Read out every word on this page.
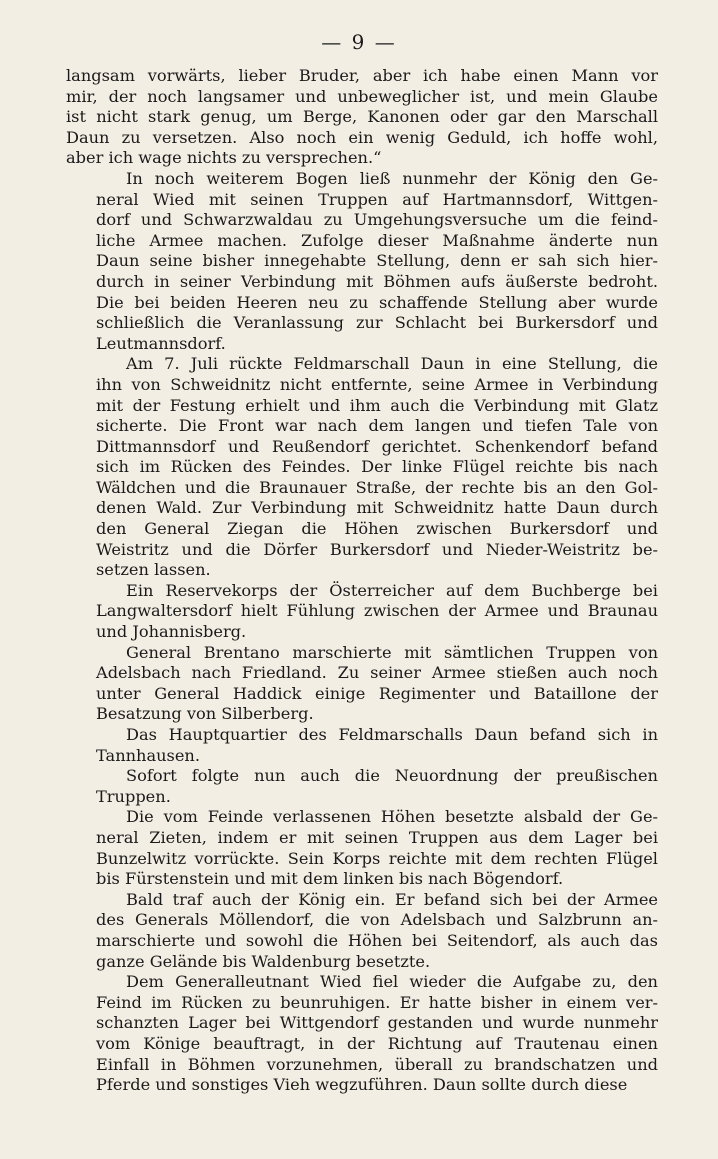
— 9 —
langsam vorwärts, lieber Bruder, aber ich habe einen Mann vor
mir, der noch langsamer und unbeweglicher ist, und mein Glaube
ist nicht stark genug, um Berge, Kanonen oder gar den Marschall
Daun zu versetzen. Also noch ein wenig Geduld, ich hoffe wohl,
aber ich wage nichts zu versprechen.“
In noch weiterem Bogen ließ nunmehr der König den Ge-
neral Wied mit seinen Truppen auf Hartmannsdorf, Wittgen-
dorf und Schwarzwaldau zu Umgehungsversuche um die feind-
liche Armee machen. Zufolge dieser Maßnahme änderte nun
Daun seine bisher innegehabte Stellung, denn er sah sich hier-
durch in seiner Verbindung mit Böhmen aufs äußerste bedroht.
Die bei beiden Heeren neu zu schaffende Stellung aber wurde
schließlich die Veranlassung zur Schlacht bei Burkersdorf und
Leutmannsdorf.
Am 7. Juli rückte Feldmarschall Daun in eine Stellung, die
ihn von Schweidnitz nicht entfernte, seine Armee in Verbindung
mit der Festung erhielt und ihm auch die Verbindung mit Glatz
sicherte. Die Front war nach dem langen und tiefen Tale von
Dittmannsdorf und Reußendorf gerichtet. Schenkendorf befand
sich im Rücken des Feindes. Der linke Flügel reichte bis nach
Wäldchen und die Braunauer Straße, der rechte bis an den Gol-
denen Wald. Zur Verbindung mit Schweidnitz hatte Daun durch
den General Ziegan die Höhen zwischen Burkersdorf und
Weistritz und die Dörfer Burkersdorf und Nieder-Weistritz be-
setzen lassen.
Ein Reservekorps der Österreicher auf dem Buchberge bei
Langwaltersdorf hielt Fühlung zwischen der Armee und Braunau
und Johannisberg.
General Brentano marschierte mit sämtlichen Truppen von
Adelsbach nach Friedland. Zu seiner Armee stießen auch noch
unter General Haddick einige Regimenter und Bataillone der
Besatzung von Silberberg.
Das Hauptquartier des Feldmarschalls Daun befand sich in
Tannhausen.
Sofort folgte nun auch die Neuordnung der preußischen
Truppen.
Die vom Feinde verlassenen Höhen besetzte alsbald der Ge-
neral Zieten, indem er mit seinen Truppen aus dem Lager bei
Bunzelwitz vorrückte. Sein Korps reichte mit dem rechten Flügel
bis Fürstenstein und mit dem linken bis nach Bögendorf.
Bald traf auch der König ein. Er befand sich bei der Armee
des Generals Möllendorf, die von Adelsbach und Salzbrunn an-
marschierte und sowohl die Höhen bei Seitendorf, als auch das
ganze Gelände bis Waldenburg besetzte.
Dem Generalleutnant Wied fiel wieder die Aufgabe zu, den
Feind im Rücken zu beunruhigen. Er hatte bisher in einem ver-
schanzten Lager bei Wittgendorf gestanden und wurde nunmehr
vom Könige beauftragt, in der Richtung auf Trautenau einen
Einfall in Böhmen vorzunehmen, überall zu brandschatzen und
Pferde und sonstiges Vieh wegzuführen. Daun sollte durch diese
